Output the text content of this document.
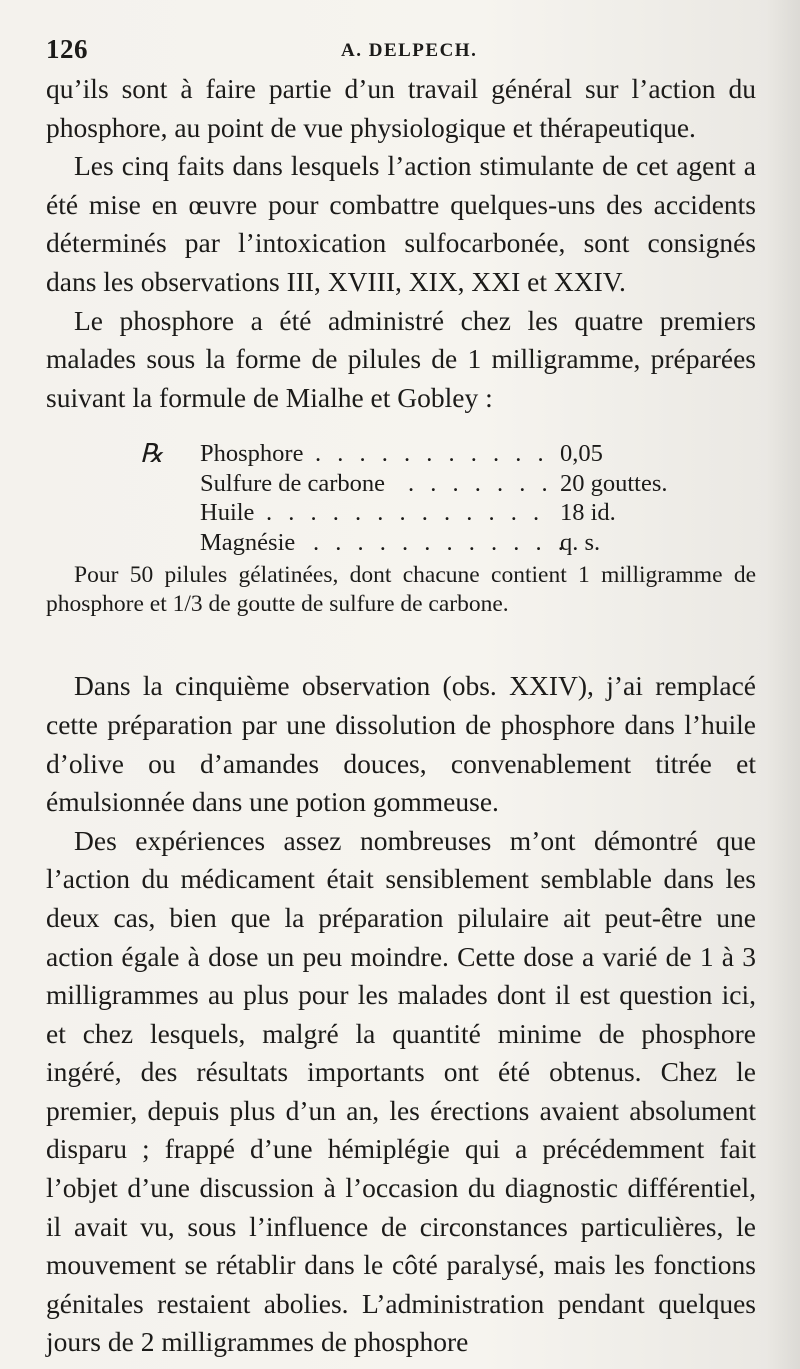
126	A. DELPECH.

qu’ils sont à faire partie d’un travail général sur l’action du phosphore, au point de vue physiologique et thérapeutique.

Les cinq faits dans lesquels l’action stimulante de cet agent a été mise en œuvre pour combattre quelques-uns des accidents déterminés par l’intoxication sulfocarbonée, sont consignés dans les observations III, XVIII, XIX, XXI et XXIV.

Le phosphore a été administré chez les quatre premiers malades sous la forme de pilules de 1 milligramme, préparées suivant la formule de Mialhe et Gobley :

℞ Phosphore . . . . . . . . . . . 0,05
Sulfure de carbone . . . . . . . 20 gouttes.
Huile . . . . . . . . . . . . . 18 id.
Magnésie . . . . . . . . . . . .
q. s.

Pour 50 pilules gélatinées, dont chacune contient 1 milligramme de phosphore et 1/3 de goutte de sulfure de carbone.

Dans la cinquième observation (obs. XXIV), j’ai remplacé cette préparation par une dissolution de phosphore dans l’huile d’olive ou d’amandes douces, convenablement titrée et émulsionnée dans une potion gommeuse.

Des expériences assez nombreuses m’ont démontré que l’action du médicament était sensiblement semblable dans les deux cas, bien que la préparation pilulaire ait peut-être une action égale à dose un peu moindre. Cette dose a varié de 1 à 3 milligrammes au plus pour les malades dont il est question ici, et chez lesquels, malgré la quantité minime de phosphore ingéré, des résultats importants ont été obtenus. Chez le premier, depuis plus d’un an, les érections avaient absolument disparu ; frappé d’une hémiplégie qui a précédemment fait l’objet d’une discussion à l’occasion du diagnostic différentiel, il avait vu, sous l’influence de circonstances particulières, le mouvement se rétablir dans le côté paralysé, mais les fonctions génitales restaient abolies. L’administration pendant quelques jours de 2 milligrammes de phosphore
